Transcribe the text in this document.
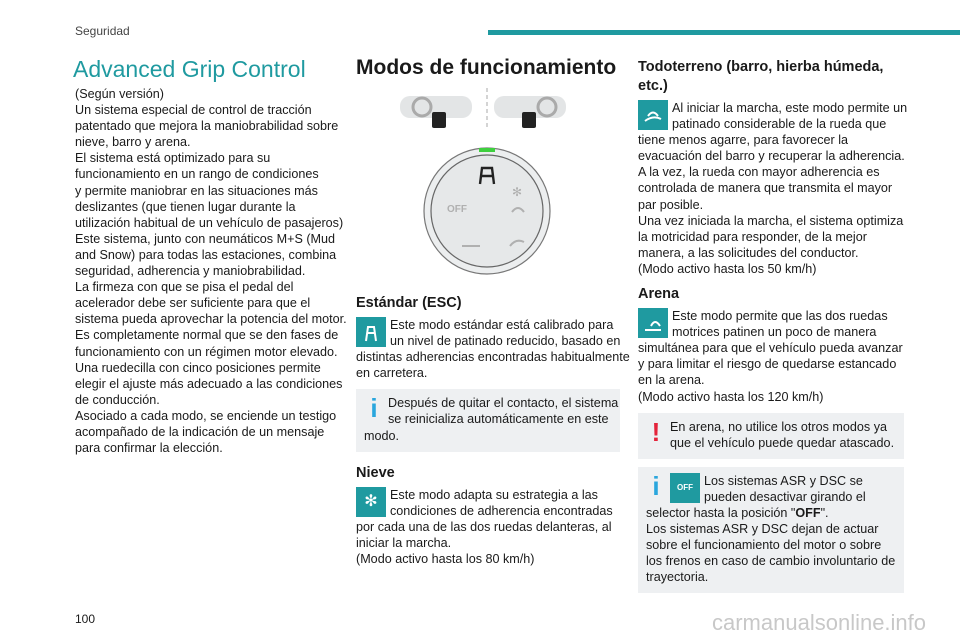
Seguridad
Advanced Grip Control
(Según versión)
Un sistema especial de control de tracción
patentado que mejora la maniobrabilidad sobre
nieve, barro y arena.
El sistema está optimizado para su
funcionamiento en un rango de condiciones
y permite maniobrar en las situaciones más
deslizantes (que tienen lugar durante la
utilización habitual de un vehículo de pasajeros)
Este sistema, junto con neumáticos M+S (Mud
and Snow) para todas las estaciones, combina
seguridad, adherencia y maniobrabilidad.
La firmeza con que se pisa el pedal del
acelerador debe ser suficiente para que el
sistema pueda aprovechar la potencia del motor.
Es completamente normal que se den fases de
funcionamiento con un régimen motor elevado.
Una ruedecilla con cinco posiciones permite
elegir el ajuste más adecuado a las condiciones
de conducción.
Asociado a cada modo, se enciende un testigo
acompañado de la indicación de un mensaje
para confirmar la elección.
Modos de funcionamiento
OFF
✻
Estándar (ESC)
Este modo estándar está calibrado para
un nivel de patinado reducido, basado en
distintas adherencias encontradas habitualmente
en carretera.
i Después de quitar el contacto, el sistema
se reinicializa automáticamente en este
modo.
Nieve
✻ Este modo adapta su estrategia a las
condiciones de adherencia encontradas
por cada una de las dos ruedas delanteras, al
iniciar la marcha.
(Modo activo hasta los 80 km/h)
Todoterreno (barro, hierba húmeda,
etc.)
Al iniciar la marcha, este modo permite un
patinado considerable de la rueda que
tiene menos agarre, para favorecer la
evacuación del barro y recuperar la adherencia.
A la vez, la rueda con mayor adherencia es
controlada de manera que transmita el mayor
par posible.
Una vez iniciada la marcha, el sistema optimiza
la motricidad para responder, de la mejor
manera, a las solicitudes del conductor.
(Modo activo hasta los 50 km/h)
Arena
Este modo permite que las dos ruedas
motrices patinen un poco de manera
simultánea para que el vehículo pueda avanzar
y para limitar el riesgo de quedarse estancado
en la arena.
(Modo activo hasta los 120 km/h)
! En arena, no utilice los otros modos ya
que el vehículo puede quedar atascado.
i	OFF Los sistemas ASR y DSC se
pueden desactivar girando el
selector hasta la posición "OFF".
Los sistemas ASR y DSC dejan de actuar
sobre el funcionamiento del motor o sobre
los frenos en caso de cambio involuntario de
trayectoria.
100	carmanualsonline.info
